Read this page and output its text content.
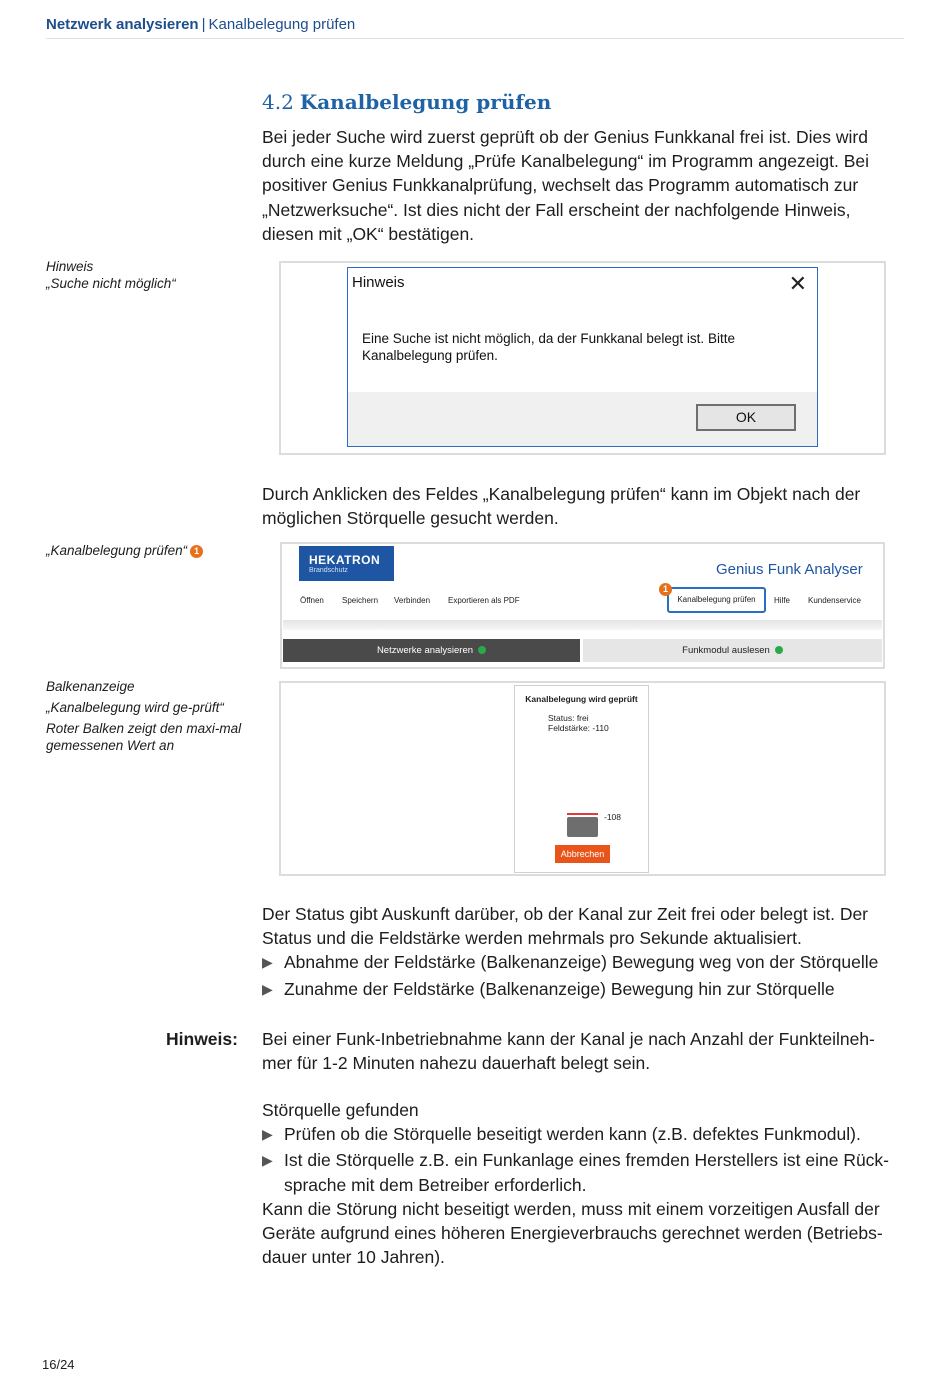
Netzwerk analysieren | Kanalbelegung prüfen
4.2 Kanalbelegung prüfen
Bei jeder Suche wird zuerst geprüft ob der Genius Funkkanal frei ist. Dies wird durch eine kurze Meldung „Prüfe Kanalbelegung“ im Programm angezeigt. Bei positiver Genius Funkkanalprüfung, wechselt das Programm automatisch zur „Netzwerksuche“. Ist dies nicht der Fall erscheint der nachfolgende Hinweis, diesen mit „OK“ bestätigen.
Hinweis
„Suche nicht möglich“	Hinweis	✕
Eine Suche ist nicht möglich, da der Funkkanal belegt ist. Bitte Kanalbelegung prüfen.
OK
Durch Anklicken des Feldes „Kanalbelegung prüfen“ kann im Objekt nach der möglichen Störquelle gesucht werden.
„Kanalbelegung prüfen“ 1
HEKATRON
Brandschutz	Genius Funk Analyser
Öffnen Speichern Verbinden Exportieren als PDF	Kanalbelegung prüfen
1
Hilfe Kundenservice
Netzwerke analysieren	Funkmodul auslesen
Balkenanzeige
„Kanalbelegung wird ge-prüft“
Roter Balken zeigt den maxi-mal gemessenen Wert an
Kanalbelegung wird geprüft
Status: frei
Feldstärke: -110
-108
Abbrechen
Der Status gibt Auskunft darüber, ob der Kanal zur Zeit frei oder belegt ist. Der Status und die Feldstärke werden mehrmals pro Sekunde aktualisiert.
▶ Abnahme der Feldstärke (Balkenanzeige) Bewegung weg von der Störquelle
▶ Zunahme der Feldstärke (Balkenanzeige) Bewegung hin zur Störquelle
Hinweis: Bei einer Funk-Inbetriebnahme kann der Kanal je nach Anzahl der Funkteilneh-mer für 1-2 Minuten nahezu dauerhaft belegt sein.
Störquelle gefunden
▶ Prüfen ob die Störquelle beseitigt werden kann (z.B. defektes Funkmodul).
▶ Ist die Störquelle z.B. ein Funkanlage eines fremden Herstellers ist eine Rück-sprache mit dem Betreiber erforderlich.
Kann die Störung nicht beseitigt werden, muss mit einem vorzeitigen Ausfall der Geräte aufgrund eines höheren Energieverbrauchs gerechnet werden (Betriebs-dauer unter 10 Jahren).
16/24
